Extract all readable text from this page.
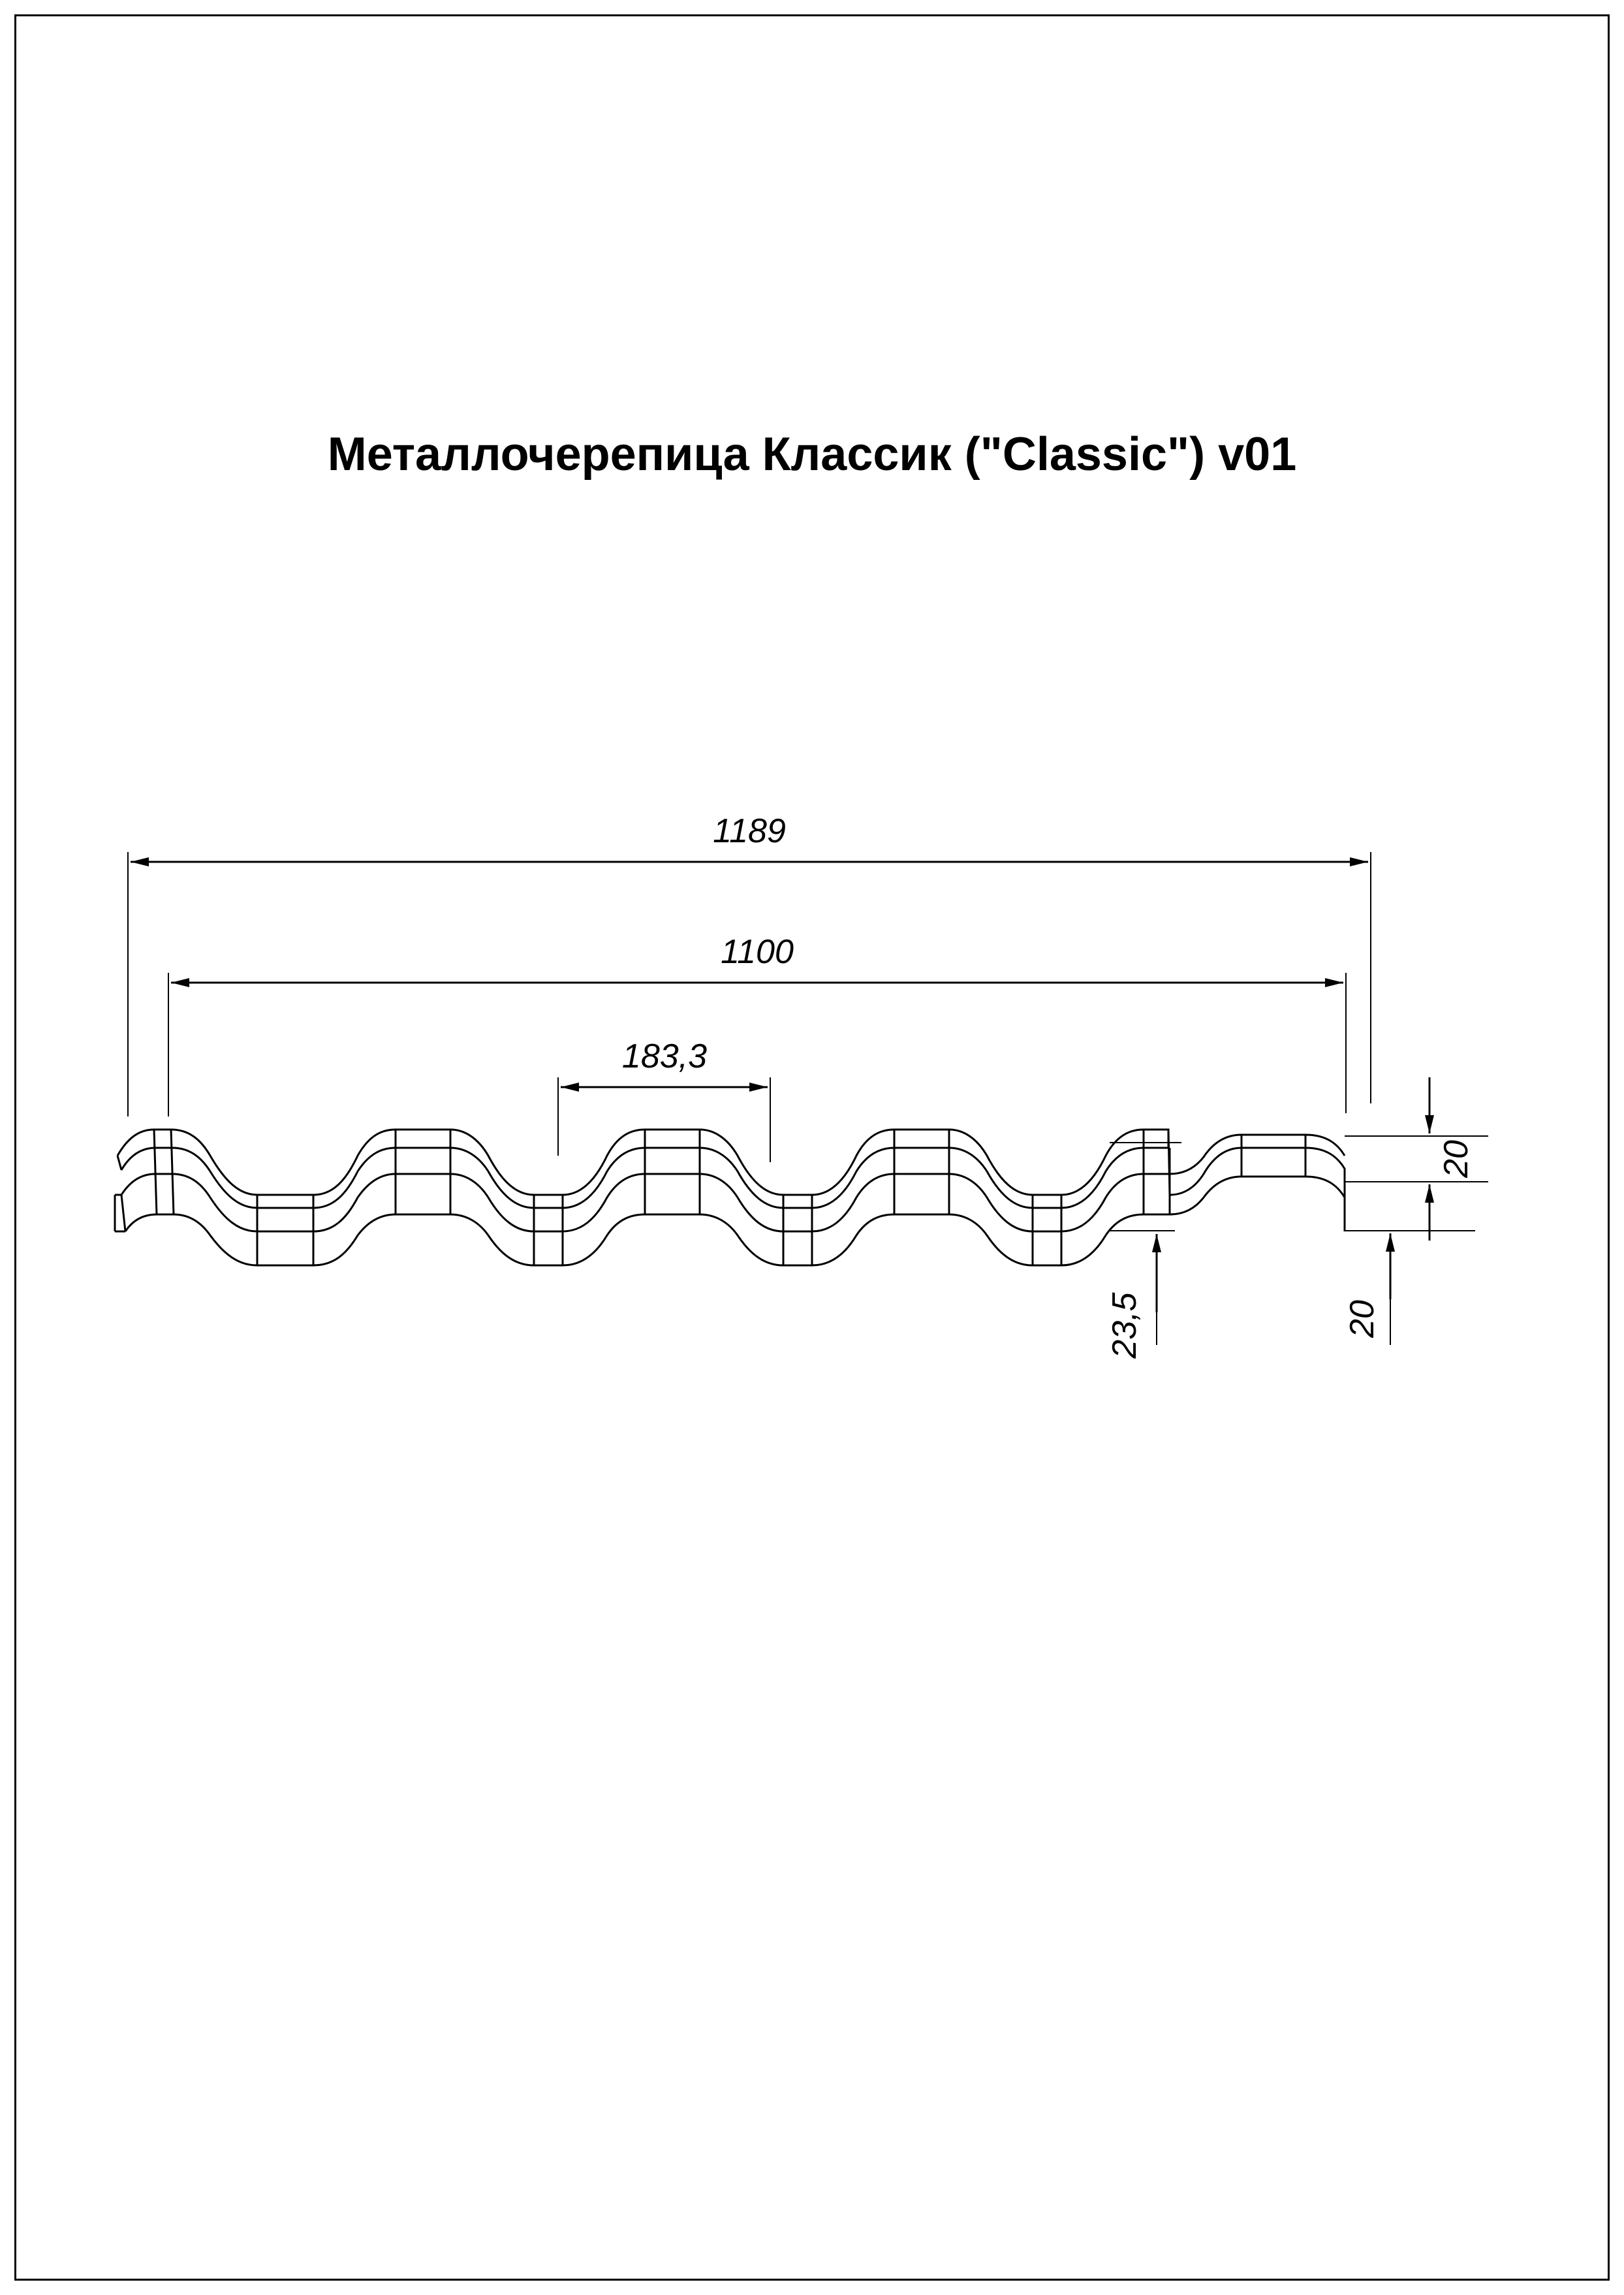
Металлочерепица Классик ("Classic") v01
1189
1100
183,3
23,5
20
20
